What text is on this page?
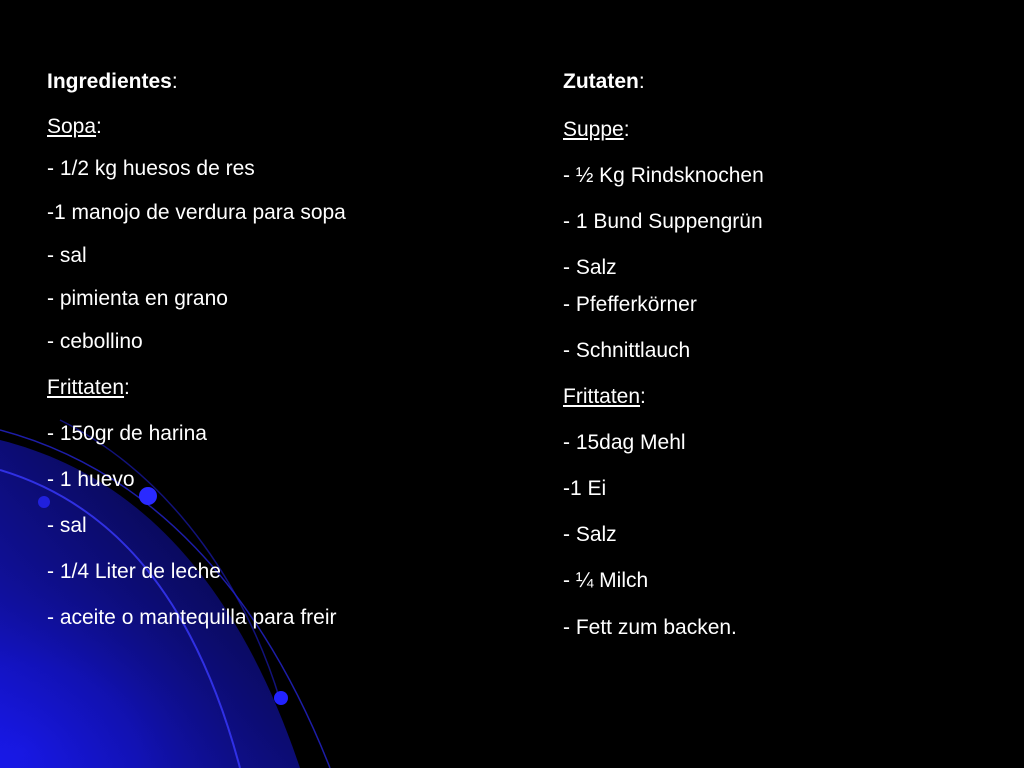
Ingredientes:
Sopa:
- 1/2 kg huesos de res
-1 manojo de verdura para sopa
- sal
- pimienta en grano
- cebollino
Frittaten:
- 150gr de harina
- 1 huevo
- sal
- 1/4 Liter de leche
- aceite o mantequilla para freir
Zutaten:
Suppe:
- ½ Kg Rindsknochen
- 1 Bund Suppengrün
- Salz
- Pfefferkörner
- Schnittlauch
Frittaten:
- 15dag Mehl
-1 Ei
- Salz
- ¼ Milch
- Fett zum backen.
